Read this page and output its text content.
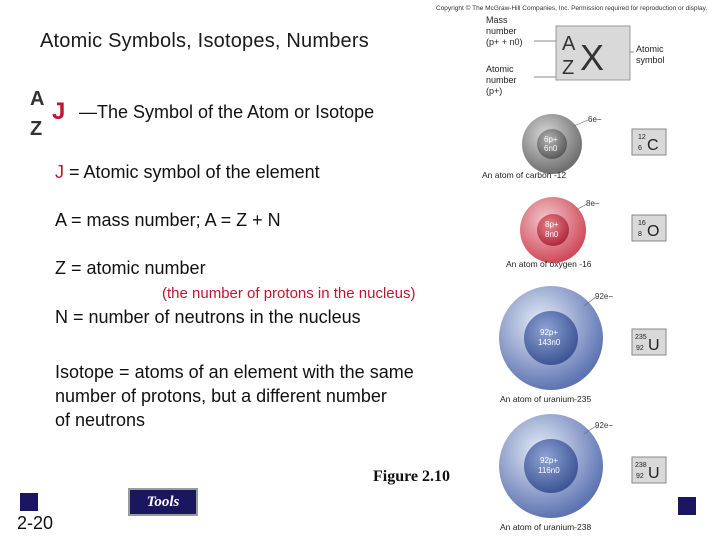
Atomic Symbols, Isotopes, Numbers
A
Z
J —The Symbol of the Atom or Isotope
J = Atomic symbol of the element
A = mass number; A = Z + N
Z = atomic number
(the number of protons in the nucleus)
N = number of neutrons in the nucleus
Isotope = atoms of an element with the same
number of protons, but a different number
of neutrons
Figure 2.10
Tools
2-20
Copyright © The McGraw-Hill Companies, Inc. Permission required for reproduction or display.
Mass
number
(p+ + n0)
Atomic
number
(p+)
A
Z X	Atomic
symbol
6p+
6n0
6e−
An atom of carbon -12
12
6 C
8p+
8n0
8e−
An atom of oxygen -16
16
8 O
92p+
143n0
92e−
An atom of uranium-235
235
92 U
92p+
116n0
92e−
An atom of uranium-238
238
92 U
